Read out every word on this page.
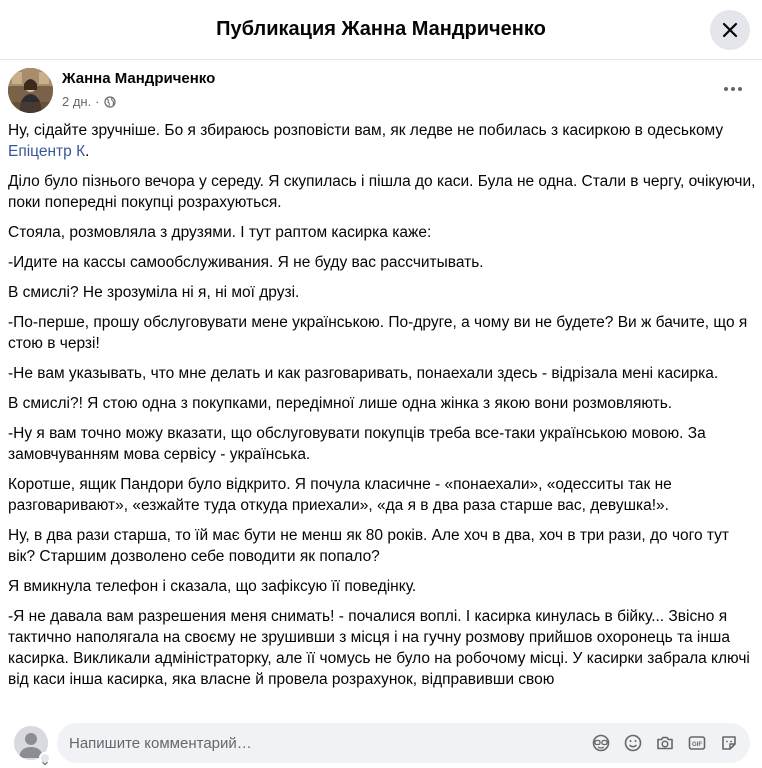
Публикация Жанна Мандриченко
Жанна Мандриченко
2 дн. ·

Ну, сідайте зручніше. Бо я збираюсь розповісти вам, як ледве не побилась з касиркою в одеському Епіцентр К.

Діло було пізнього вечора у середу. Я скупилась і пішла до каси. Була не одна. Стали в чергу, очікуючи, поки попередні покупці розрахуються.

Стояла, розмовляла з друзями. І тут раптом касирка каже:

-Идите на кассы самообслуживания. Я не буду вас рассчитывать.

В смислі? Не зрозуміла ні я, ні мої друзі.

-По-перше, прошу обслуговувати мене українською. По-друге, а чому ви не будете? Ви ж бачите, що я стою в черзі!

-Не вам указывать, что мне делать и как разговаривать, понаехали здесь - відрізала мені касирка.

В смислі?! Я стою одна з покупками, передімної лише одна жінка з якою вони розмовляють.

-Ну я вам точно можу вказати, що обслуговувати покупців треба все-таки українською мовою. За замовчуванням мова сервісу - українська.

Коротше, ящик Пандори було відкрито. Я почула класичне - «понаехали», «одесситы так не разговаривают», «езжайте туда откуда приехали», «да я в два раза старше вас, девушка!».

Ну, в два рази старша, то їй має бути не менш як 80 років. Але хоч в два, хоч в три рази, до чого тут вік? Старшим дозволено себе поводити як попало?

Я вмикнула телефон і сказала, що зафіксую її поведінку.

-Я не давала вам разрешения меня снимать! - почалися воплі. І касирка кинулась в бійку... Звісно я тактично наполягала на своєму не зрушивши з місця і на гучну розмову прийшов охоронець та інша касирка. Викликали адміністраторку, але її чомусь не було на робочому місці. У касирки забрала ключі від каси інша касирка, яка власне й провела розрахунок, відправивши свою

Напишите комментарий…
GIF
